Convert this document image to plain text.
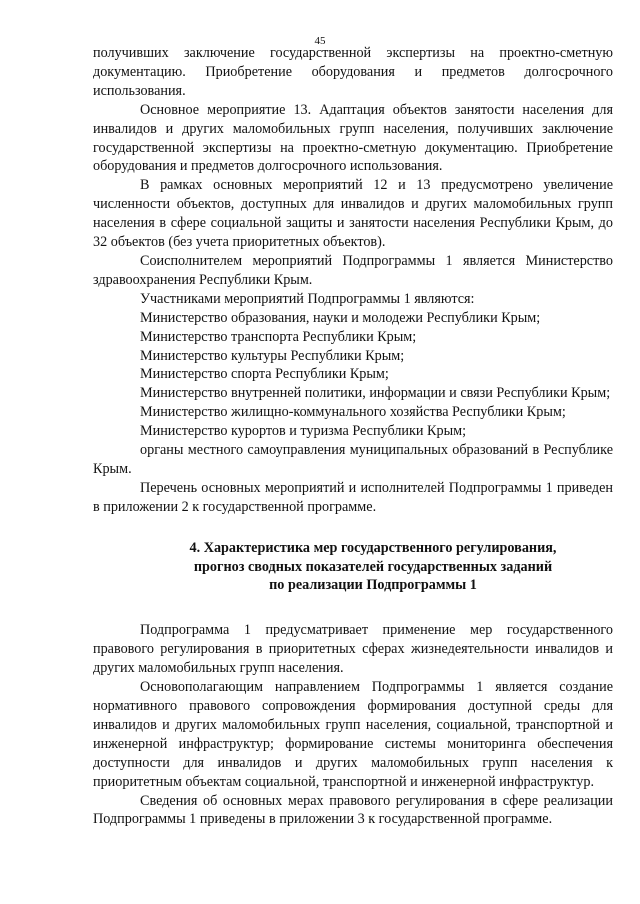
45

получивших заключение государственной экспертизы на проектно-сметную документацию. Приобретение оборудования и предметов долгосрочного использования.

Основное мероприятие 13. Адаптация объектов занятости населения для инвалидов и других маломобильных групп населения, получивших заключение государственной экспертизы на проектно-сметную документацию. Приобретение оборудования и предметов долгосрочного использования.

В рамках основных мероприятий 12 и 13 предусмотрено увеличение численности объектов, доступных для инвалидов и других маломобильных групп населения в сфере социальной защиты и занятости населения Республики Крым, до 32 объектов (без учета приоритетных объектов).

Соисполнителем мероприятий Подпрограммы 1 является Министерство здравоохранения Республики Крым.

Участниками мероприятий Подпрограммы 1 являются:

Министерство образования, науки и молодежи Республики Крым;

Министерство транспорта Республики Крым;

Министерство культуры Республики Крым;

Министерство спорта Республики Крым;

Министерство внутренней политики, информации и связи Республики Крым;

Министерство жилищно-коммунального хозяйства Республики Крым;

Министерство курортов и туризма Республики Крым;

органы местного самоуправления муниципальных образований в Республике Крым.

Перечень основных мероприятий и исполнителей Подпрограммы 1 приведен в приложении 2 к государственной программе.

4. Характеристика мер государственного регулирования,

прогноз сводных показателей государственных заданий

по реализации Подпрограммы 1

Подпрограмма 1 предусматривает применение мер государственного правового регулирования в приоритетных сферах жизнедеятельности инвалидов и других маломобильных групп населения.

Основополагающим направлением Подпрограммы 1 является создание нормативного правового сопровождения формирования доступной среды для инвалидов и других маломобильных групп населения, социальной, транспортной и инженерной инфраструктур; формирование системы мониторинга обеспечения доступности для инвалидов и других маломобильных групп населения к приоритетным объектам социальной, транспортной и инженерной инфраструктур.

Сведения об основных мерах правового регулирования в сфере реализации Подпрограммы 1 приведены в приложении 3 к государственной программе.
